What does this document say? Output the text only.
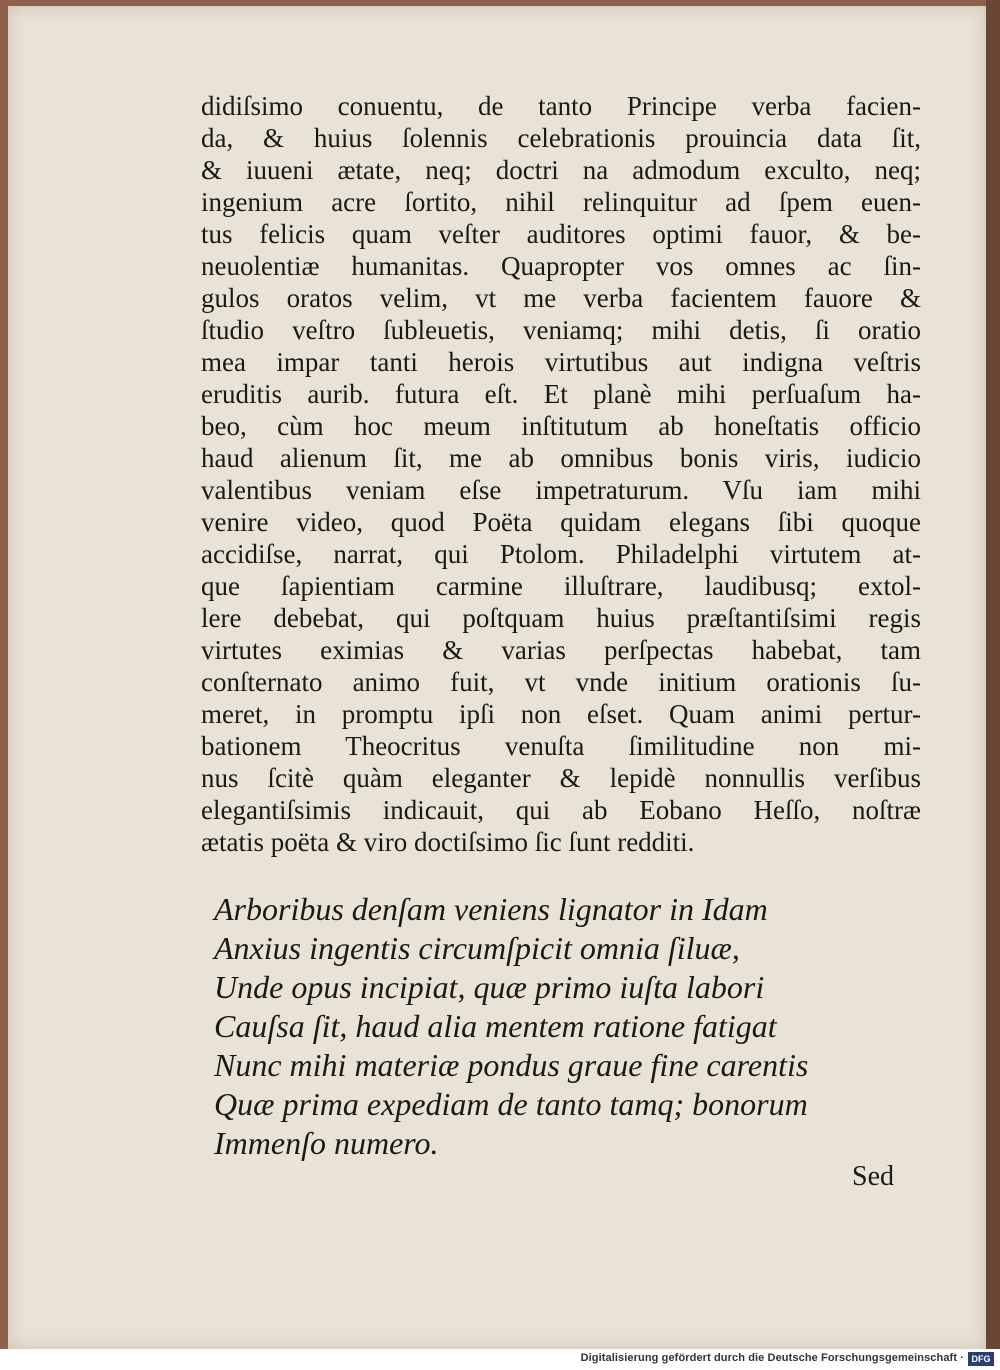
didiſsimo conuentu, de tanto Principe verba facien-
da, & huius ſolennis celebrationis prouincia data ſit,
& iuueni ætate, neq; doctri na admodum exculto, neq;
ingenium acre ſortito, nihil relinquitur ad ſpem euen-
tus felicis quam veſter auditores optimi fauor, & be-
neuolentiæ humanitas. Quapropter vos omnes ac ſin-
gulos oratos velim, vt me verba facientem fauore &
ſtudio veſtro ſubleuetis, veniamq; mihi detis, ſi oratio
mea impar tanti herois virtutibus aut indigna veſtris
eruditis aurib. futura eſt. Et planè mihi perſuaſum ha-
beo, cùm hoc meum inſtitutum ab honeſtatis officio
haud alienum ſit, me ab omnibus bonis viris, iudicio
valentibus veniam eſse impetraturum. Vſu iam mihi
venire video, quod Poëta quidam elegans ſibi quoque
accidiſse, narrat, qui Ptolom. Philadelphi virtutem at-
que ſapientiam carmine illuſtrare, laudibusq; extol-
lere debebat, qui poſtquam huius præſtantiſsimi regis
virtutes eximias & varias perſpectas habebat, tam
conſternato animo fuit, vt vnde initium orationis ſu-
meret, in promptu ipſi non eſset. Quam animi pertur-
bationem Theocritus venuſta ſimilitudine non mi-
nus ſcitè quàm eleganter & lepidè nonnullis verſibus
elegantiſsimis indicauit, qui ab Eobano Heſſo, noſtræ
ætatis poëta & viro doctiſsimo ſic ſunt redditi.
Arboribus denſam veniens lignator in Idam
Anxius ingentis circumſpicit omnia ſiluæ,
Unde opus incipiat, quæ primo iuſta labori
Cauſsa ſit, haud alia mentem ratione fatigat
Nunc mihi materiæ pondus graue fine carentis
Quæ prima expediam de tanto tamq; bonorum
Immenſo numero.
Sed
Digitalisierung gefördert durch die Deutsche Forschungsgemeinschaft · DFG
